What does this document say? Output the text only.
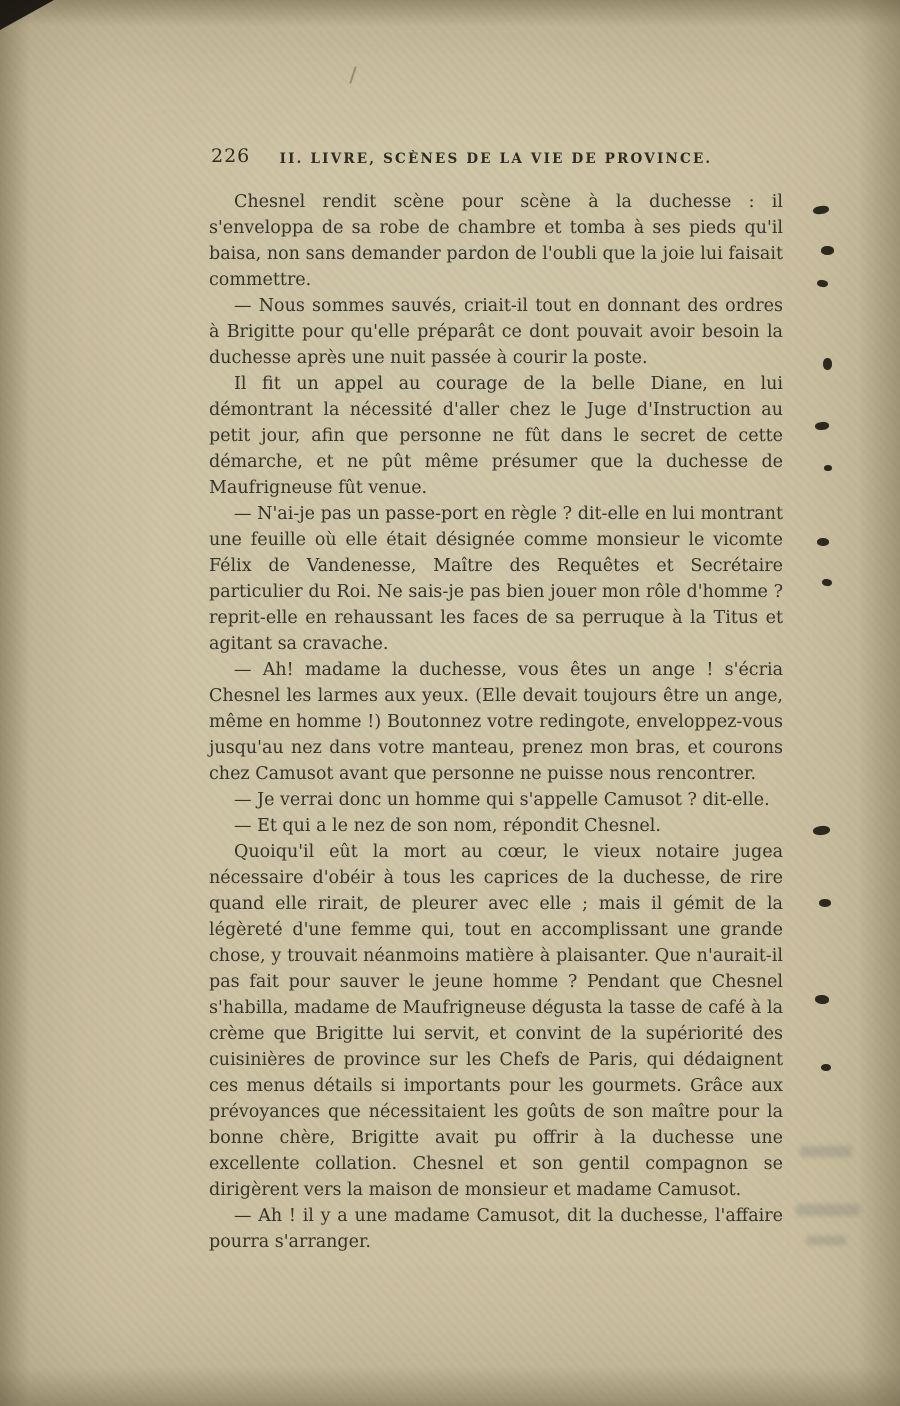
226	II. LIVRE, SCÈNES DE LA VIE DE PROVINCE.

Chesnel rendit scène pour scène à la duchesse : il s'enveloppa de sa robe de chambre et tomba à ses pieds qu'il baisa, non sans demander pardon de l'oubli que la joie lui faisait commettre.

— Nous sommes sauvés, criait-il tout en donnant des ordres à Brigitte pour qu'elle préparât ce dont pouvait avoir besoin la duchesse après une nuit passée à courir la poste.

Il fit un appel au courage de la belle Diane, en lui démontrant la nécessité d'aller chez le Juge d'Instruction au petit jour, afin que personne ne fût dans le secret de cette démarche, et ne pût même présumer que la duchesse de Maufrigneuse fût venue.

— N'ai-je pas un passe-port en règle ? dit-elle en lui montrant une feuille où elle était désignée comme monsieur le vicomte Félix de Vandenesse, Maître des Requêtes et Secrétaire particulier du Roi. Ne sais-je pas bien jouer mon rôle d'homme ? reprit-elle en rehaussant les faces de sa perruque à la Titus et agitant sa cravache.

— Ah! madame la duchesse, vous êtes un ange ! s'écria Chesnel les larmes aux yeux. (Elle devait toujours être un ange, même en homme !) Boutonnez votre redingote, enveloppez-vous jusqu'au nez dans votre manteau, prenez mon bras, et courons chez Camusot avant que personne ne puisse nous rencontrer.

— Je verrai donc un homme qui s'appelle Camusot ? dit-elle.

— Et qui a le nez de son nom, répondit Chesnel.

Quoiqu'il eût la mort au cœur, le vieux notaire jugea nécessaire d'obéir à tous les caprices de la duchesse, de rire quand elle rirait, de pleurer avec elle ; mais il gémit de la légèreté d'une femme qui, tout en accomplissant une grande chose, y trouvait néanmoins matière à plaisanter. Que n'aurait-il pas fait pour sauver le jeune homme ? Pendant que Chesnel s'habilla, madame de Maufrigneuse dégusta la tasse de café à la crème que Brigitte lui servit, et convint de la supériorité des cuisinières de province sur les Chefs de Paris, qui dédaignent ces menus détails si importants pour les gourmets. Grâce aux prévoyances que nécessitaient les goûts de son maître pour la bonne chère, Brigitte avait pu offrir à la duchesse une excellente collation. Chesnel et son gentil compagnon se dirigèrent vers la maison de monsieur et madame Camusot.

— Ah ! il y a une madame Camusot, dit la duchesse, l'affaire pourra s'arranger.
